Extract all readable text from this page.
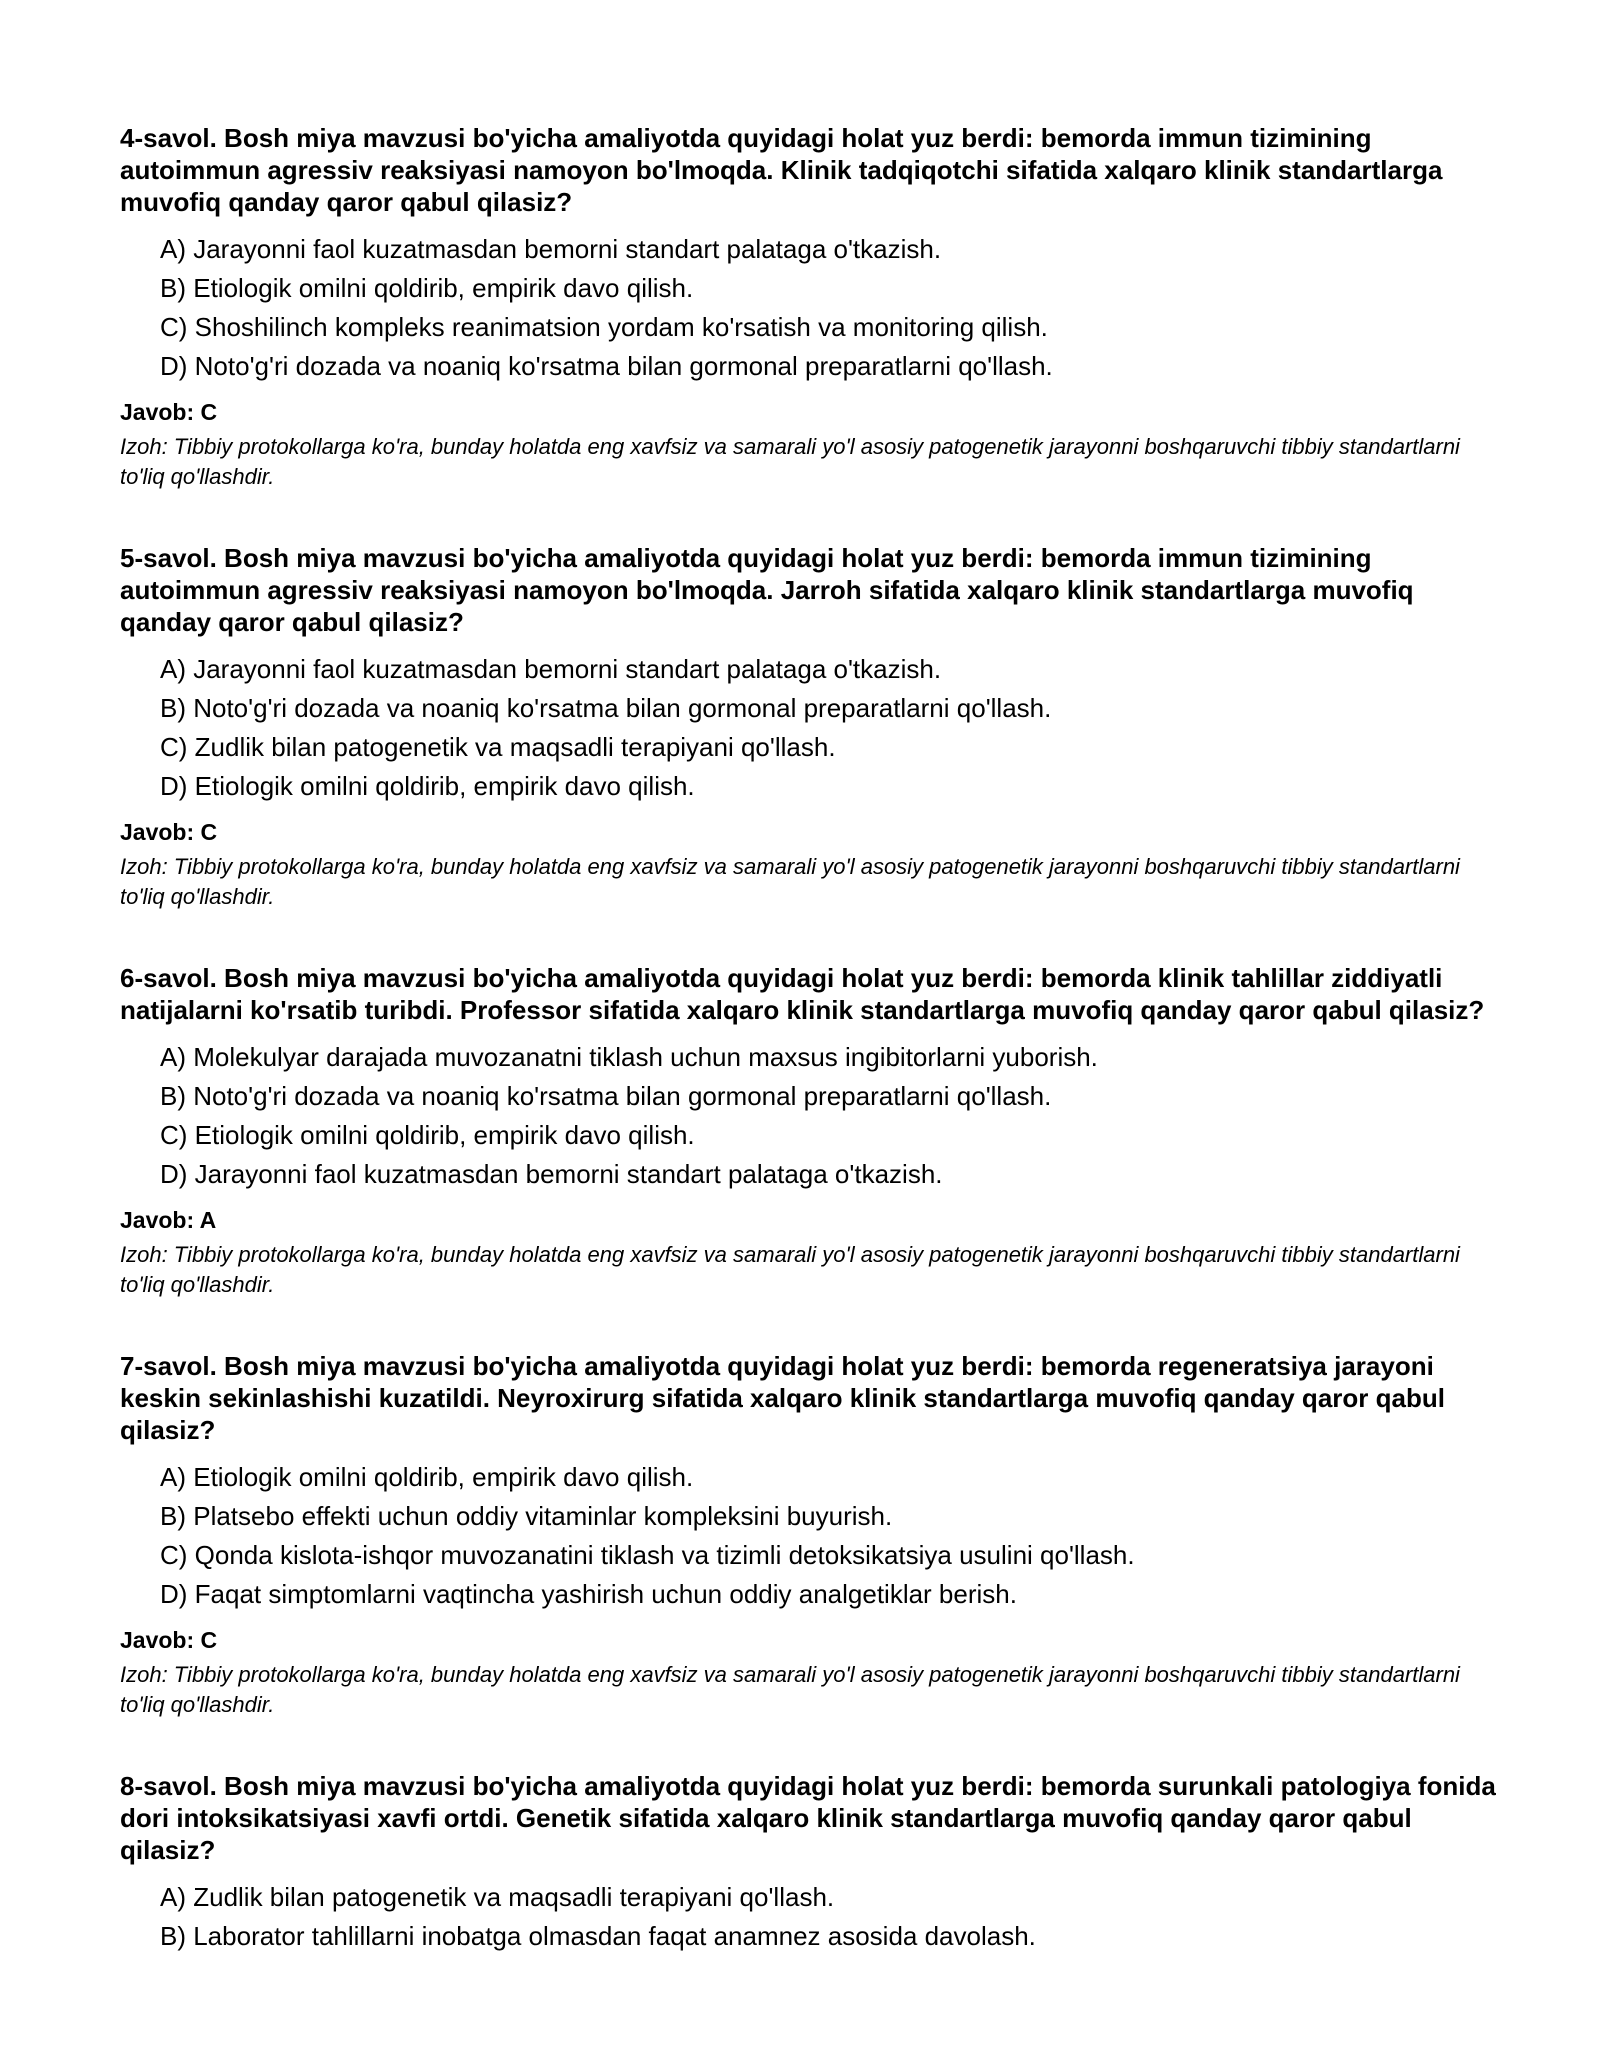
4-savol. Bosh miya mavzusi bo'yicha amaliyotda quyidagi holat yuz berdi: bemorda immun tizimining autoimmun agressiv reaksiyasi namoyon bo'lmoqda. Klinik tadqiqotchi sifatida xalqaro klinik standartlarga muvofiq qanday qaror qabul qilasiz?
A) Jarayonni faol kuzatmasdan bemorni standart palataga o'tkazish.
B) Etiologik omilni qoldirib, empirik davo qilish.
C) Shoshilinch kompleks reanimatsion yordam ko'rsatish va monitoring qilish.
D) Noto'g'ri dozada va noaniq ko'rsatma bilan gormonal preparatlarni qo'llash.
Javob: C

Izoh: Tibbiy protokollarga ko'ra, bunday holatda eng xavfsiz va samarali yo'l asosiy patogenetik jarayonni boshqaruvchi tibbiy standartlarni to'liq qo'llashdir.

5-savol. Bosh miya mavzusi bo'yicha amaliyotda quyidagi holat yuz berdi: bemorda immun tizimining autoimmun agressiv reaksiyasi namoyon bo'lmoqda. Jarroh sifatida xalqaro klinik standartlarga muvofiq qanday qaror qabul qilasiz?
A) Jarayonni faol kuzatmasdan bemorni standart palataga o'tkazish.
B) Noto'g'ri dozada va noaniq ko'rsatma bilan gormonal preparatlarni qo'llash.
C) Zudlik bilan patogenetik va maqsadli terapiyani qo'llash.
D) Etiologik omilni qoldirib, empirik davo qilish.
Javob: C

Izoh: Tibbiy protokollarga ko'ra, bunday holatda eng xavfsiz va samarali yo'l asosiy patogenetik jarayonni boshqaruvchi tibbiy standartlarni to'liq qo'llashdir.

6-savol. Bosh miya mavzusi bo'yicha amaliyotda quyidagi holat yuz berdi: bemorda klinik tahlillar ziddiyatli natijalarni ko'rsatib turibdi. Professor sifatida xalqaro klinik standartlarga muvofiq qanday qaror qabul qilasiz?
A) Molekulyar darajada muvozanatni tiklash uchun maxsus ingibitorlarni yuborish.
B) Noto'g'ri dozada va noaniq ko'rsatma bilan gormonal preparatlarni qo'llash.
C) Etiologik omilni qoldirib, empirik davo qilish.
D) Jarayonni faol kuzatmasdan bemorni standart palataga o'tkazish.
Javob: A

Izoh: Tibbiy protokollarga ko'ra, bunday holatda eng xavfsiz va samarali yo'l asosiy patogenetik jarayonni boshqaruvchi tibbiy standartlarni to'liq qo'llashdir.

7-savol. Bosh miya mavzusi bo'yicha amaliyotda quyidagi holat yuz berdi: bemorda regeneratsiya jarayoni keskin sekinlashishi kuzatildi. Neyroxirurg sifatida xalqaro klinik standartlarga muvofiq qanday qaror qabul qilasiz?
A) Etiologik omilni qoldirib, empirik davo qilish.
B) Platsebo effekti uchun oddiy vitaminlar kompleksini buyurish.
C) Qonda kislota-ishqor muvozanatini tiklash va tizimli detoksikatsiya usulini qo'llash.
D) Faqat simptomlarni vaqtincha yashirish uchun oddiy analgetiklar berish.
Javob: C

Izoh: Tibbiy protokollarga ko'ra, bunday holatda eng xavfsiz va samarali yo'l asosiy patogenetik jarayonni boshqaruvchi tibbiy standartlarni to'liq qo'llashdir.

8-savol. Bosh miya mavzusi bo'yicha amaliyotda quyidagi holat yuz berdi: bemorda surunkali patologiya fonida dori intoksikatsiyasi xavfi ortdi. Genetik sifatida xalqaro klinik standartlarga muvofiq qanday qaror qabul qilasiz?
A) Zudlik bilan patogenetik va maqsadli terapiyani qo'llash.
B) Laborator tahlillarni inobatga olmasdan faqat anamnez asosida davolash.
